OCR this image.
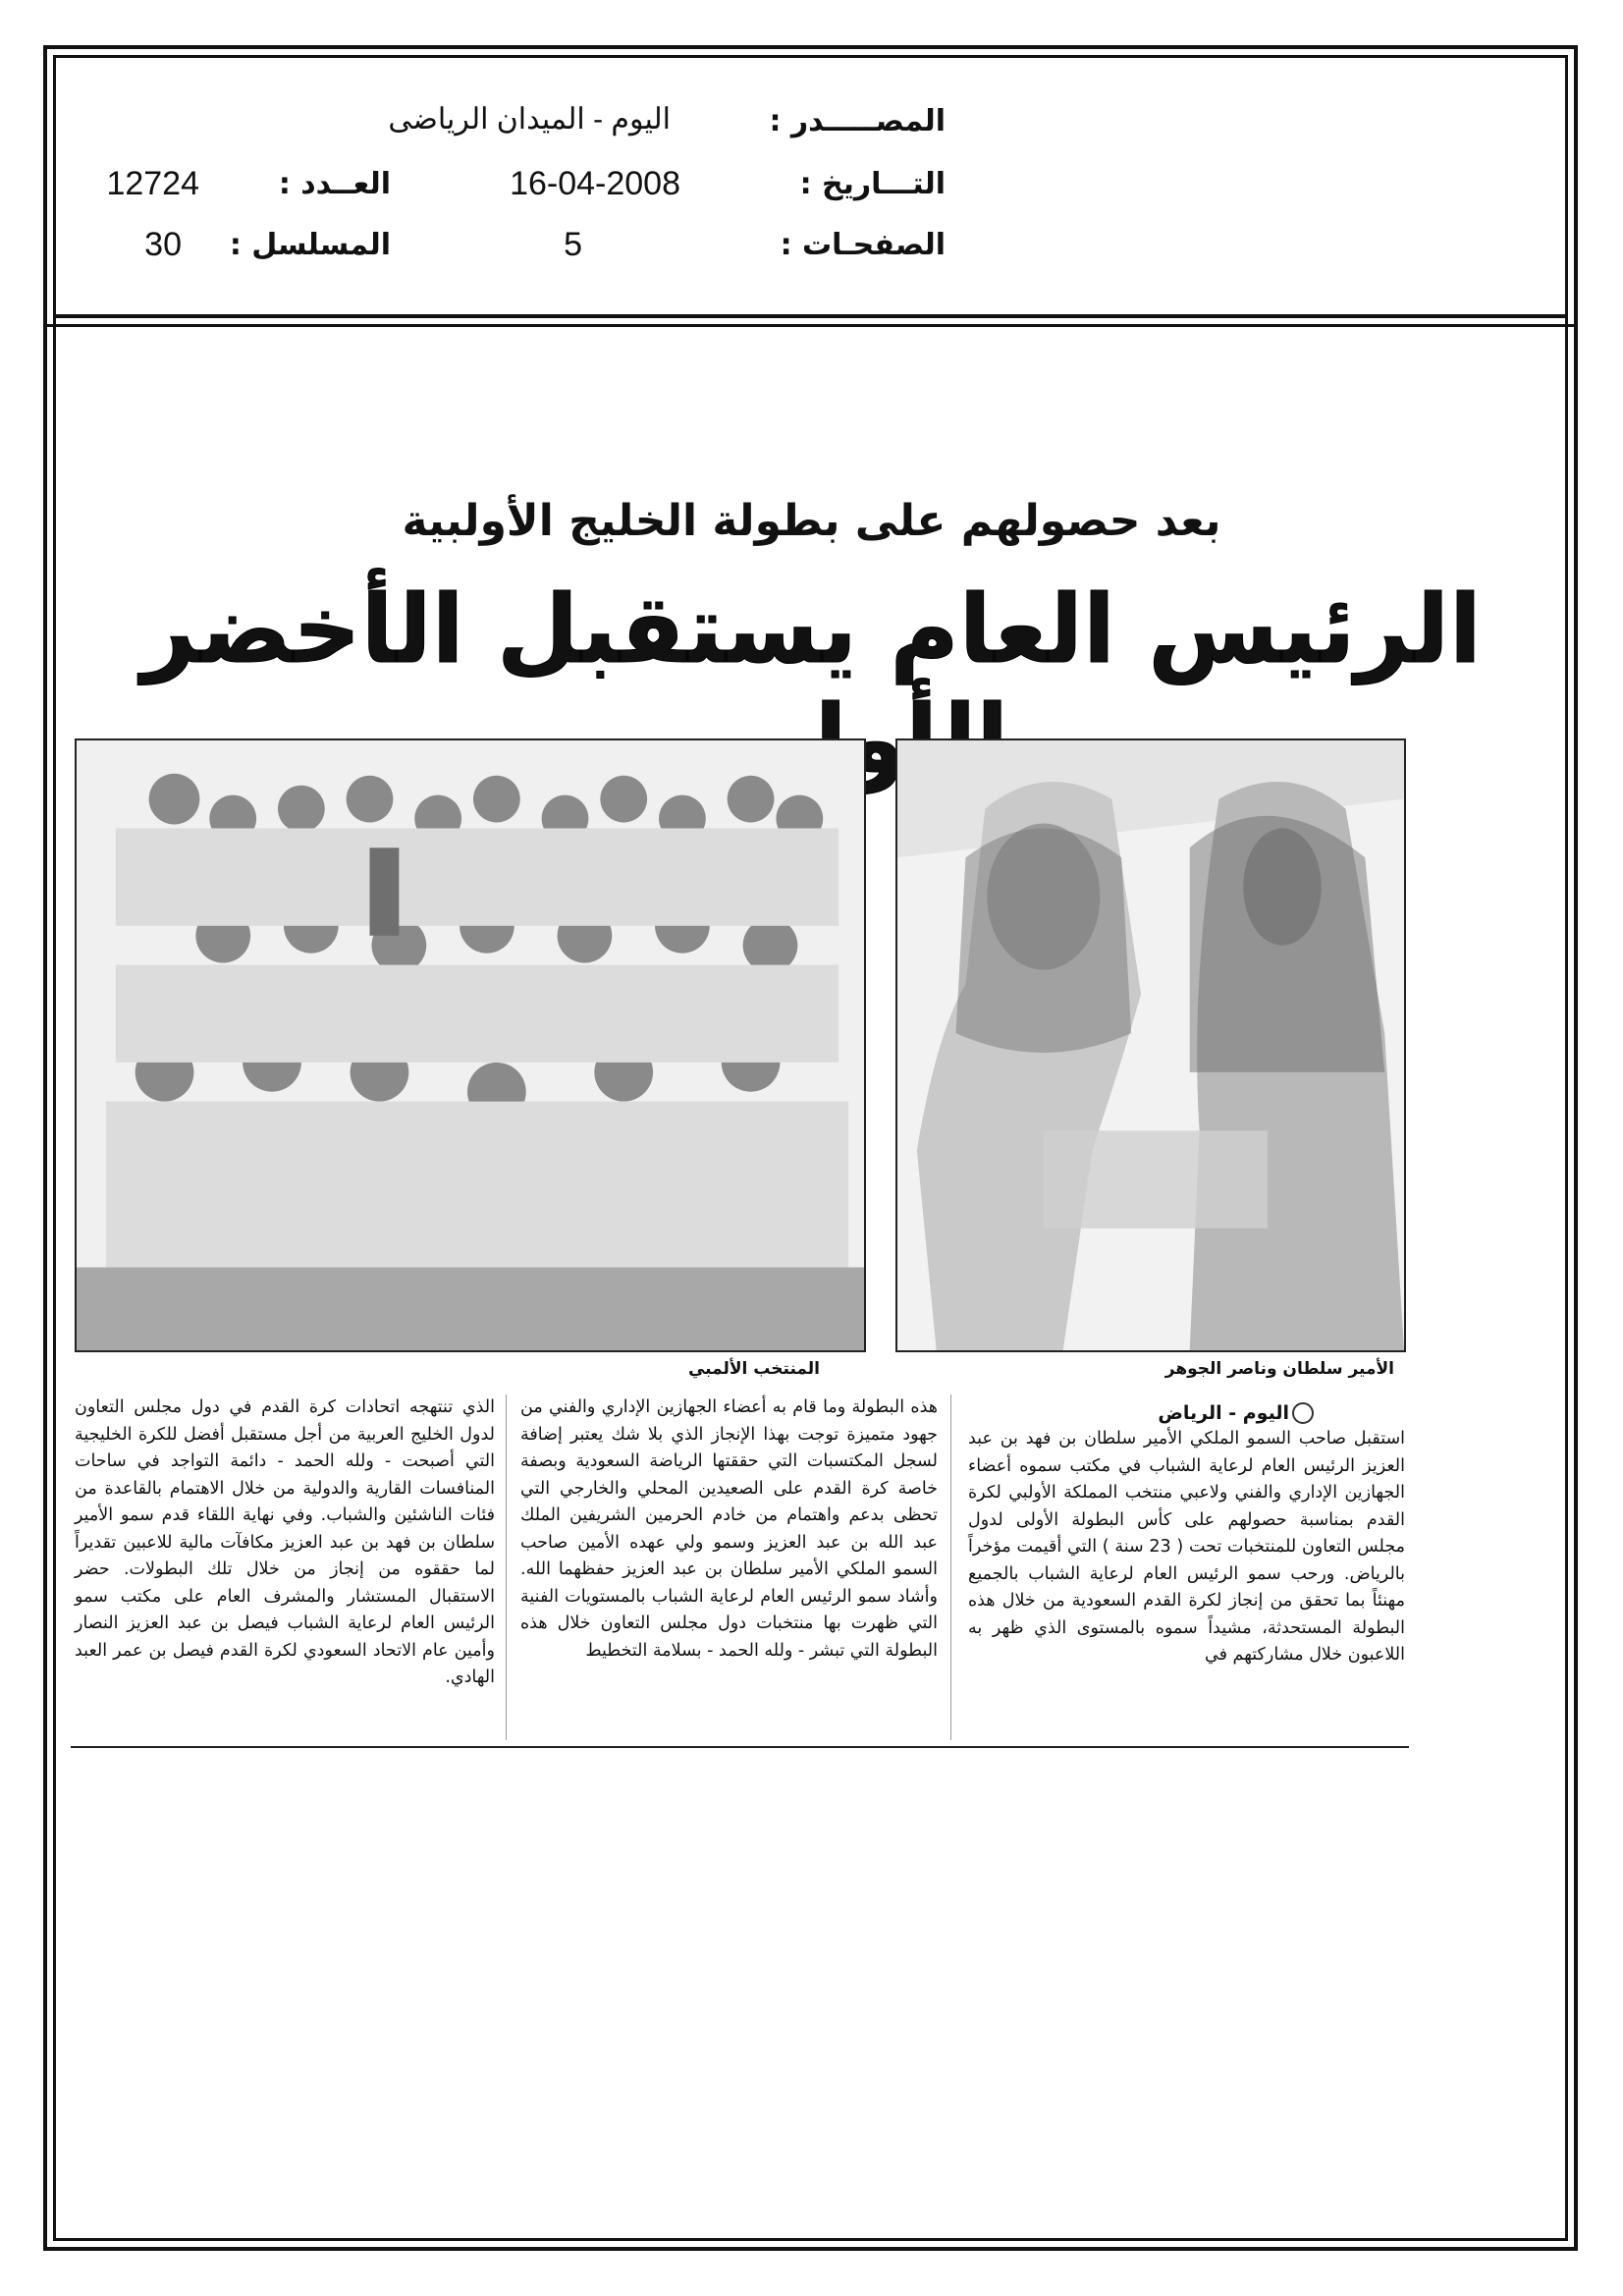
المصـــــدر :
اليوم - الميدان الرياضى
التـــاريخ :
16-04-2008
العــدد :
12724
الصفحـات :
5
المسلسل :
30
بعد حصولهم على بطولة الخليج الأولبية
الرئيس العام يستقبل الأخضر
الأمير سلطان وناصر الجوهر
المنتخب الألمبي
اليوم - الرياض
استقبل صاحب السمو الملكي الأمير سلطان بن فهد بن عبد العزيز الرئيس العام لرعاية الشباب في مكتب سموه أعضاء الجهازين الإداري والفني ولاعبي منتخب المملكة الأولبي لكرة القدم بمناسبة حصولهم على كأس البطولة الأولى لدول مجلس التعاون للمنتخبات تحت ( 23 سنة ) التي أقيمت مؤخراً بالرياض. ورحب سمو الرئيس العام لرعاية الشباب بالجميع مهنئاً بما تحقق من إنجاز لكرة القدم السعودية من خلال هذه البطولة المستحدثة، مشيداً سموه بالمستوى الذي ظهر به اللاعبون خلال مشاركتهم في
هذه البطولة وما قام به أعضاء الجهازين الإداري والفني من جهود متميزة توجت بهذا الإنجاز الذي بلا شك يعتبر إضافة لسجل المكتسبات التي حققتها الرياضة السعودية وبصفة خاصة كرة القدم على الصعيدين المحلي والخارجي التي تحظى بدعم واهتمام من خادم الحرمين الشريفين الملك عبد الله بن عبد العزيز وسمو ولي عهده الأمين صاحب السمو الملكي الأمير سلطان بن عبد العزيز حفظهما الله. وأشاد سمو الرئيس العام لرعاية الشباب بالمستويات الفنية التي ظهرت بها منتخبات دول مجلس التعاون خلال هذه البطولة التي تبشر - ولله الحمد - بسلامة التخطيط
الذي تنتهجه اتحادات كرة القدم في دول مجلس التعاون لدول الخليج العربية من أجل مستقبل أفضل للكرة الخليجية التي أصبحت - ولله الحمد - دائمة التواجد في ساحات المنافسات القارية والدولية من خلال الاهتمام بالقاعدة من فئات الناشئين والشباب. وفي نهاية اللقاء قدم سمو الأمير سلطان بن فهد بن عبد العزيز مكافآت مالية للاعبين تقديراً لما حققوه من إنجاز من خلال تلك البطولات. حضر الاستقبال المستشار والمشرف العام على مكتب سمو الرئيس العام لرعاية الشباب فيصل بن عبد العزيز النصار وأمين عام الاتحاد السعودي لكرة القدم فيصل بن عمر العبد الهادي.
